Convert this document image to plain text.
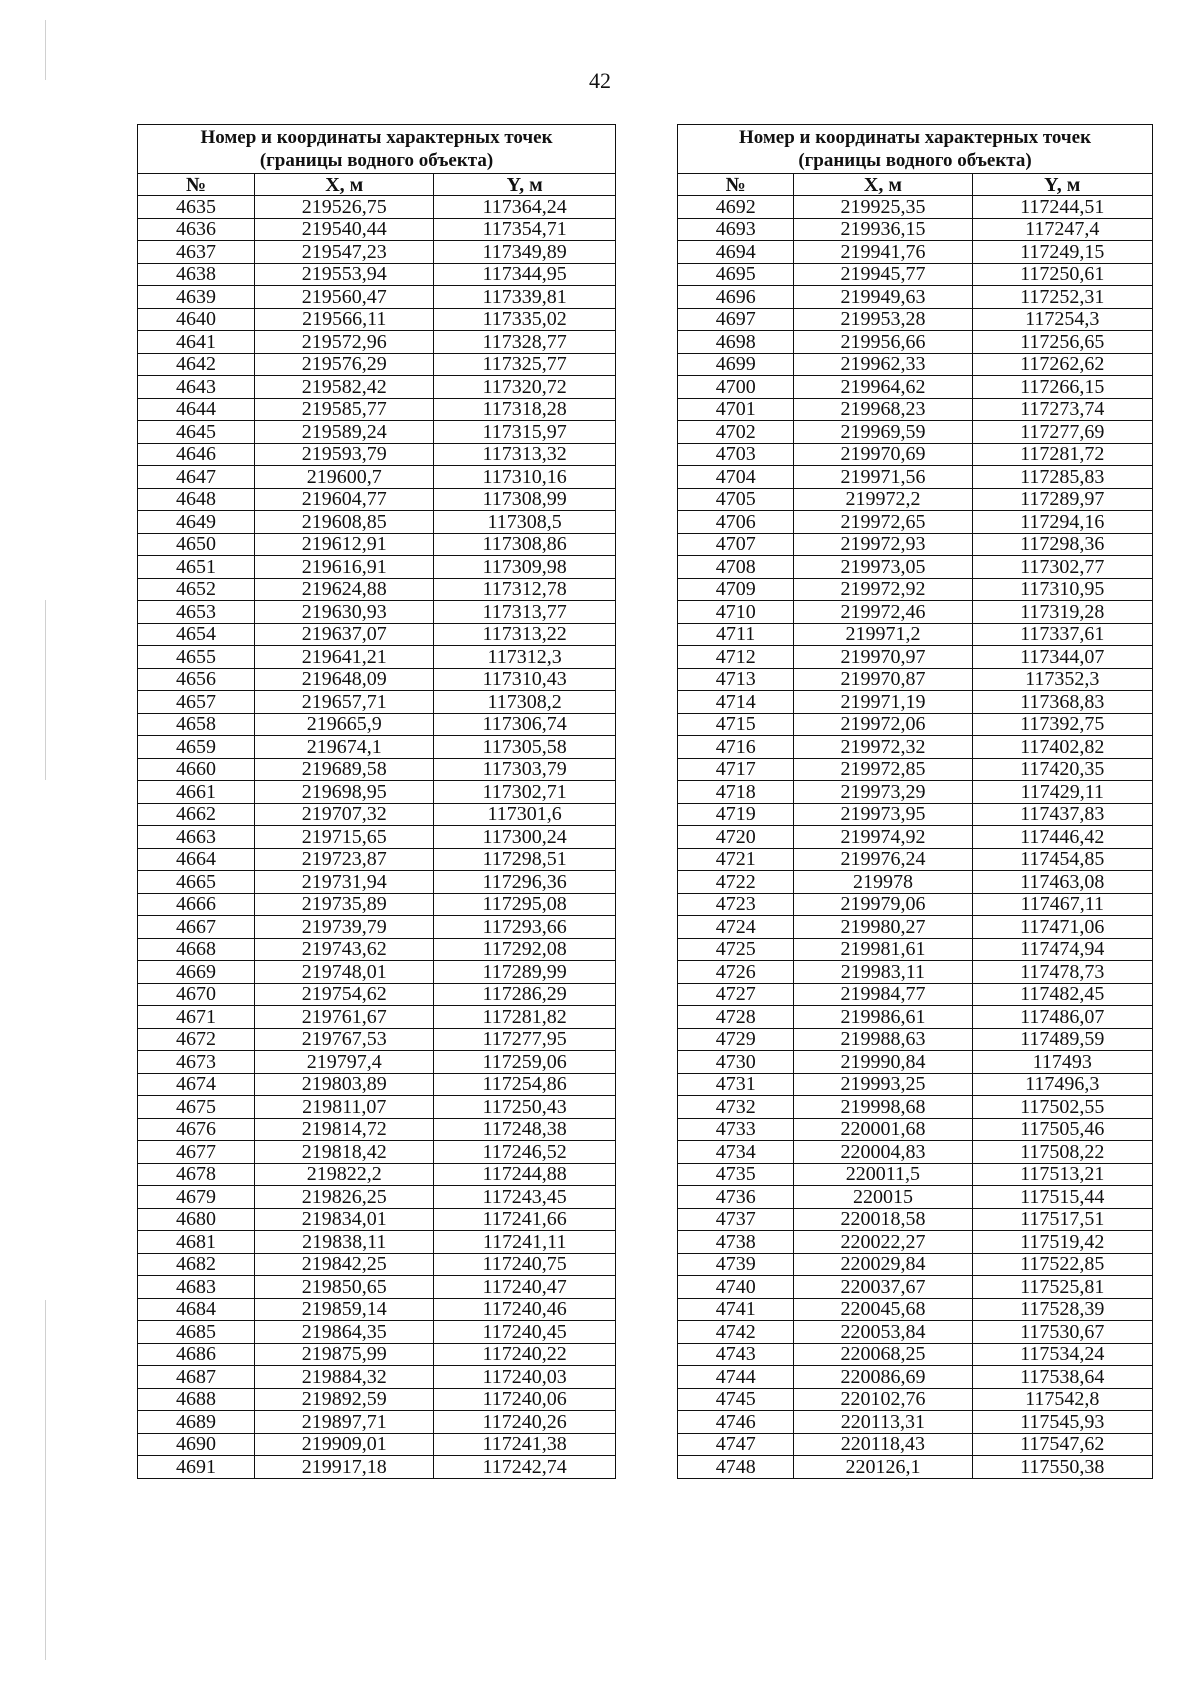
42
Номер и координаты характерных точек
(границы водного объекта)		
№	X, м	Y, м
4635	219526,75	117364,24
4636	219540,44	117354,71
4637	219547,23	117349,89
4638	219553,94	117344,95
4639	219560,47	117339,81
4640	219566,11	117335,02
4641	219572,96	117328,77
4642	219576,29	117325,77
4643	219582,42	117320,72
4644	219585,77	117318,28
4645	219589,24	117315,97
4646	219593,79	117313,32
4647	219600,7	117310,16
4648	219604,77	117308,99
4649	219608,85	117308,5
4650	219612,91	117308,86
4651	219616,91	117309,98
4652	219624,88	117312,78
4653	219630,93	117313,77
4654	219637,07	117313,22
4655	219641,21	117312,3
4656	219648,09	117310,43
4657	219657,71	117308,2
4658	219665,9	117306,74
4659	219674,1	117305,58
4660	219689,58	117303,79
4661	219698,95	117302,71
4662	219707,32	117301,6
4663	219715,65	117300,24
4664	219723,87	117298,51
4665	219731,94	117296,36
4666	219735,89	117295,08
4667	219739,79	117293,66
4668	219743,62	117292,08
4669	219748,01	117289,99
4670	219754,62	117286,29
4671	219761,67	117281,82
4672	219767,53	117277,95
4673	219797,4	117259,06
4674	219803,89	117254,86
4675	219811,07	117250,43
4676	219814,72	117248,38
4677	219818,42	117246,52
4678	219822,2	117244,88
4679	219826,25	117243,45
4680	219834,01	117241,66
4681	219838,11	117241,11
4682	219842,25	117240,75
4683	219850,65	117240,47
4684	219859,14	117240,46
4685	219864,35	117240,45
4686	219875,99	117240,22
4687	219884,32	117240,03
4688	219892,59	117240,06
4689	219897,71	117240,26
4690	219909,01	117241,38
4691	219917,18	117242,74
Номер и координаты характерных точек
(границы водного объекта)		
№	X, м	Y, м
4692	219925,35	117244,51
4693	219936,15	117247,4
4694	219941,76	117249,15
4695	219945,77	117250,61
4696	219949,63	117252,31
4697	219953,28	117254,3
4698	219956,66	117256,65
4699	219962,33	117262,62
4700	219964,62	117266,15
4701	219968,23	117273,74
4702	219969,59	117277,69
4703	219970,69	117281,72
4704	219971,56	117285,83
4705	219972,2	117289,97
4706	219972,65	117294,16
4707	219972,93	117298,36
4708	219973,05	117302,77
4709	219972,92	117310,95
4710	219972,46	117319,28
4711	219971,2	117337,61
4712	219970,97	117344,07
4713	219970,87	117352,3
4714	219971,19	117368,83
4715	219972,06	117392,75
4716	219972,32	117402,82
4717	219972,85	117420,35
4718	219973,29	117429,11
4719	219973,95	117437,83
4720	219974,92	117446,42
4721	219976,24	117454,85
4722	219978	117463,08
4723	219979,06	117467,11
4724	219980,27	117471,06
4725	219981,61	117474,94
4726	219983,11	117478,73
4727	219984,77	117482,45
4728	219986,61	117486,07
4729	219988,63	117489,59
4730	219990,84	117493
4731	219993,25	117496,3
4732	219998,68	117502,55
4733	220001,68	117505,46
4734	220004,83	117508,22
4735	220011,5	117513,21
4736	220015	117515,44
4737	220018,58	117517,51
4738	220022,27	117519,42
4739	220029,84	117522,85
4740	220037,67	117525,81
4741	220045,68	117528,39
4742	220053,84	117530,67
4743	220068,25	117534,24
4744	220086,69	117538,64
4745	220102,76	117542,8
4746	220113,31	117545,93
4747	220118,43	117547,62
4748	220126,1	117550,38
